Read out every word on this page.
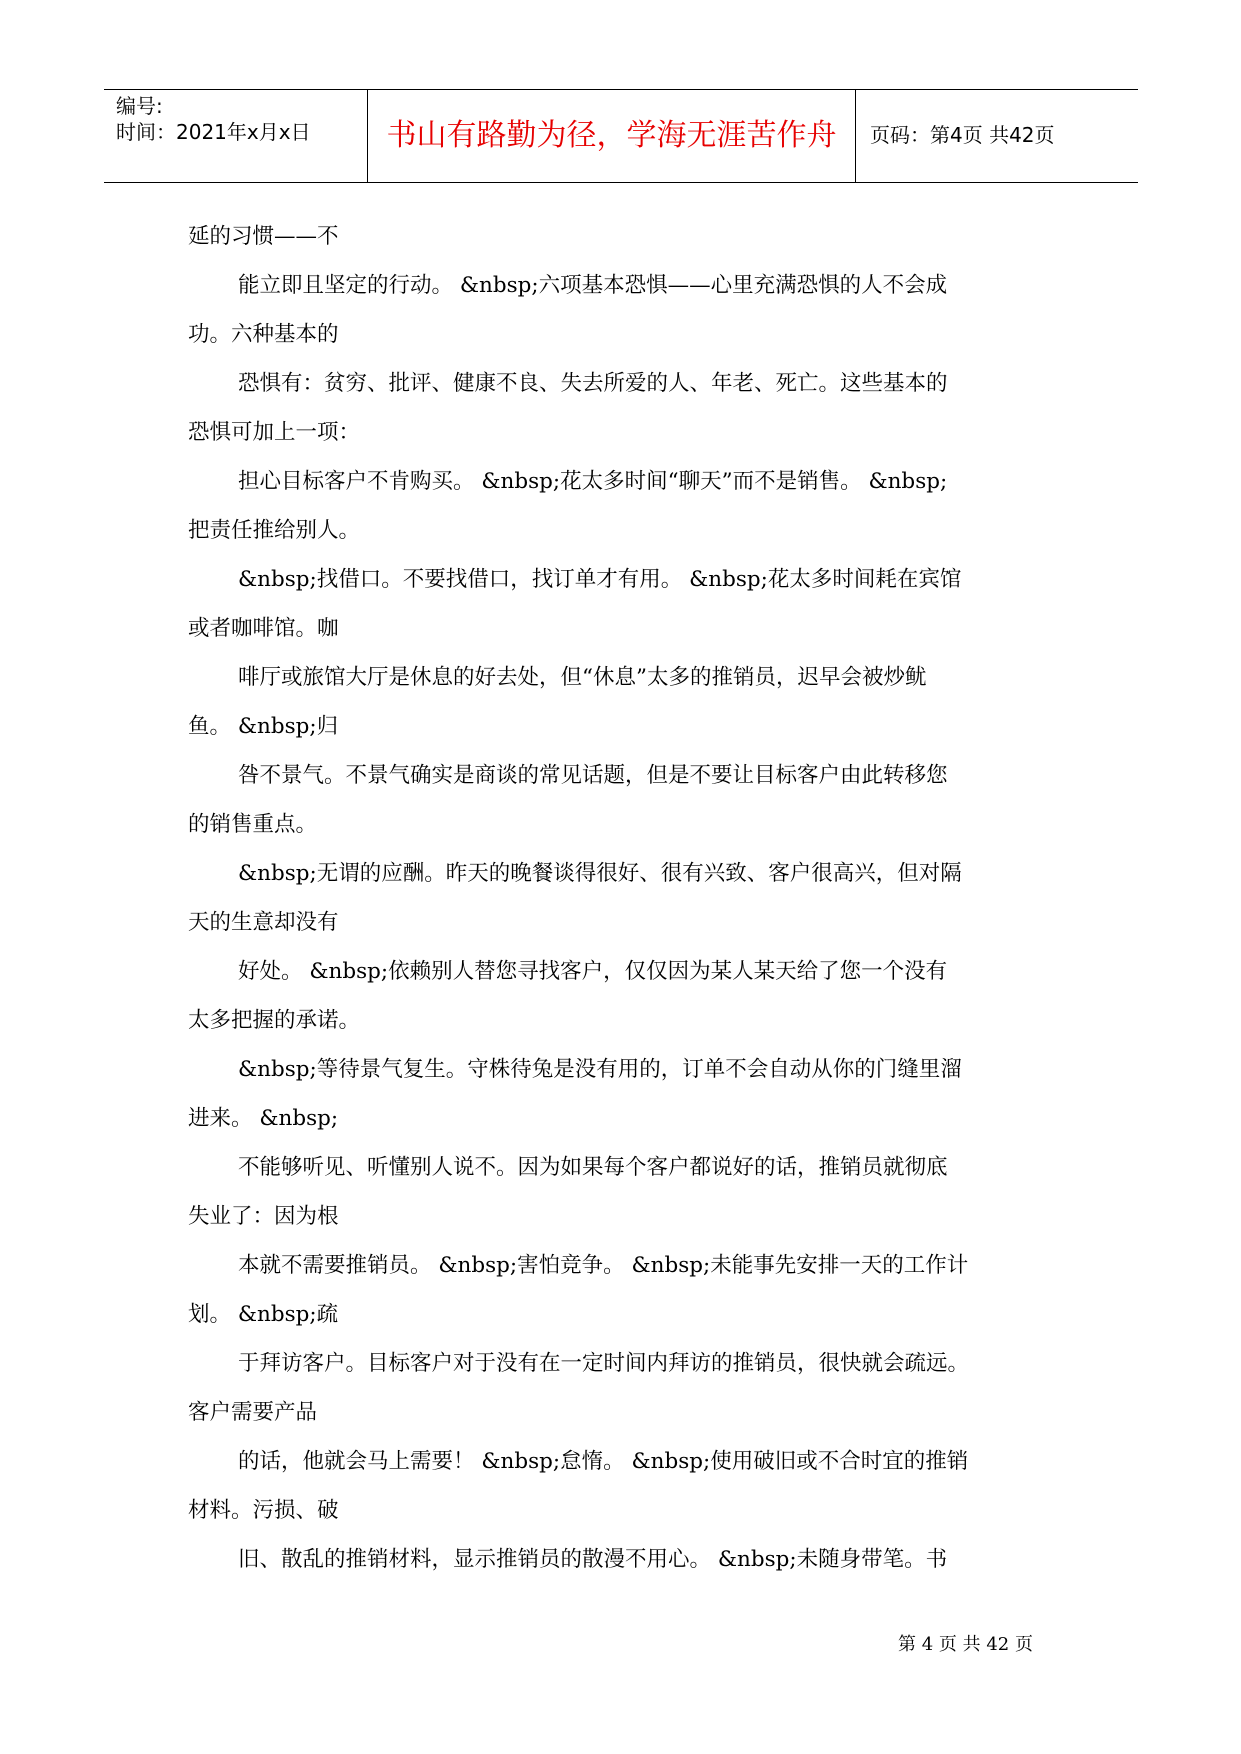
编号:
时间：2021年x月x日	书山有路勤为径，学海无涯苦作舟	页码：第4页 共42页
延的习惯——不
能立即且坚定的行动。 &nbsp;六项基本恐惧——心里充满恐惧的人不会成
功。六种基本的
恐惧有：贫穷、批评、健康不良、失去所爱的人、年老、死亡。这些基本的
恐惧可加上一项：
担心目标客户不肯购买。 &nbsp;花太多时间“聊天”而不是销售。 &nbsp;
把责任推给别人。
&nbsp;找借口。不要找借口，找订单才有用。 &nbsp;花太多时间耗在宾馆
或者咖啡馆。咖
啡厅或旅馆大厅是休息的好去处，但“休息”太多的推销员，迟早会被炒鱿
鱼。 &nbsp;归
咎不景气。不景气确实是商谈的常见话题，但是不要让目标客户由此转移您
的销售重点。
&nbsp;无谓的应酬。昨天的晚餐谈得很好、很有兴致、客户很高兴，但对隔
天的生意却没有
好处。 &nbsp;依赖别人替您寻找客户，仅仅因为某人某天给了您一个没有
太多把握的承诺。
&nbsp;等待景气复生。守株待兔是没有用的，订单不会自动从你的门缝里溜
进来。 &nbsp;
不能够听见、听懂别人说不。因为如果每个客户都说好的话，推销员就彻底
失业了：因为根
本就不需要推销员。 &nbsp;害怕竞争。 &nbsp;未能事先安排一天的工作计
划。 &nbsp;疏
于拜访客户。目标客户对于没有在一定时间内拜访的推销员，很快就会疏远。
客户需要产品
的话，他就会马上需要！ &nbsp;怠惰。 &nbsp;使用破旧或不合时宜的推销
材料。污损、破
旧、散乱的推销材料，显示推销员的散漫不用心。 &nbsp;未随身带笔。书
第 4 页 共 42 页
